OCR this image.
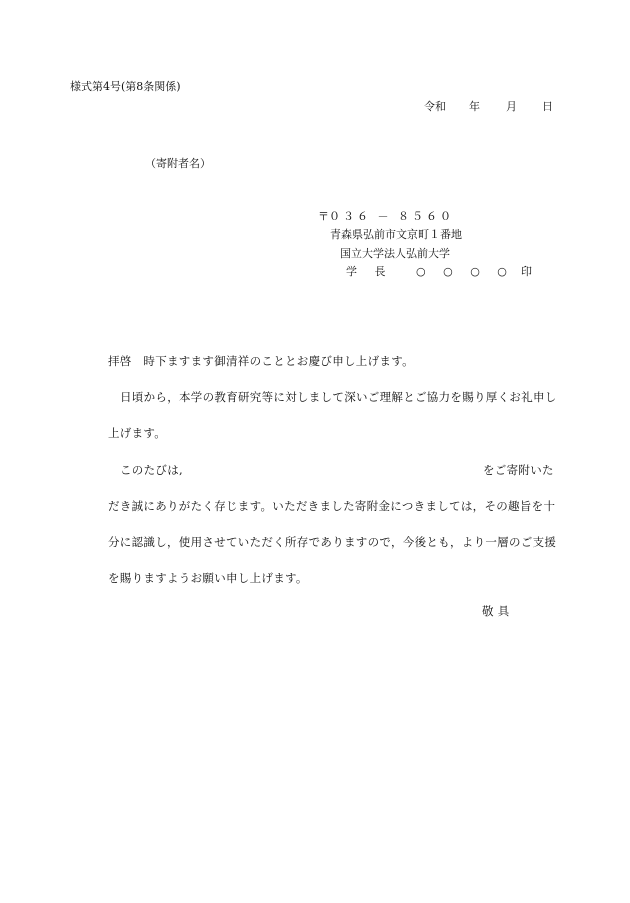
様式第4号(第8条関係)
令和 年 月 日
（寄附者名）
〒０３６ － ８５６０
青森県弘前市文京町１番地
国立大学法人弘前大学
学 長 ○ ○ ○ ○ 印
拝啓　時下ますます御清祥のこととお慶び申し上げます。
日頃から，本学の教育研究等に対しまして深いご理解とご協力を賜り厚くお礼申し
上げます。
このたびは,	をご寄附いた
だき誠にありがたく存じます。いただきました寄附金につきましては，その趣旨を十
分に認識し，使用させていただく所存でありますので，今後とも，より一層のご支援
を賜りますようお願い申し上げます。
敬 具
